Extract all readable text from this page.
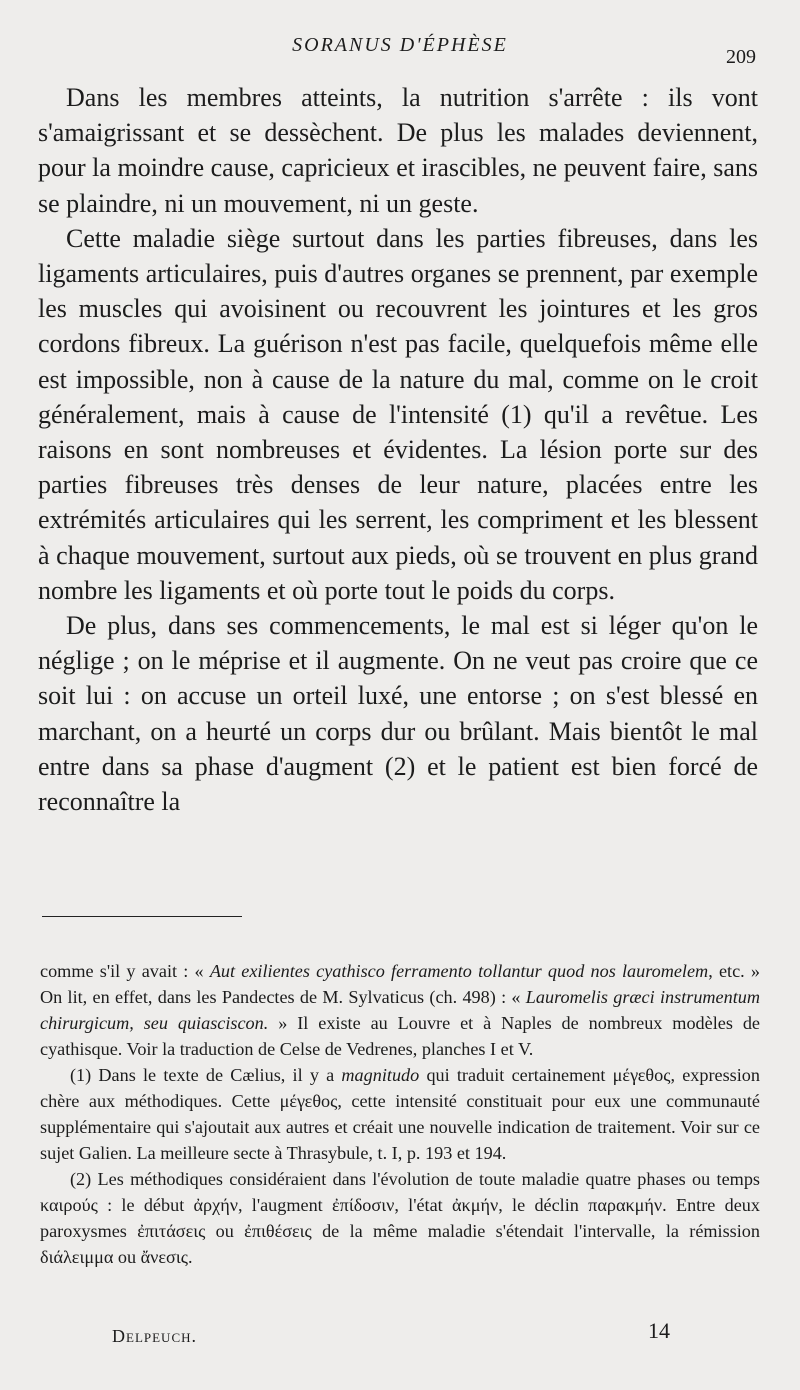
SORANUS D'ÉPHÈSE
209

Dans les membres atteints, la nutrition s'arrête : ils vont s'amaigrissant et se dessèchent. De plus les malades deviennent, pour la moindre cause, capricieux et irascibles, ne peuvent faire, sans se plaindre, ni un mouvement, ni un geste.

Cette maladie siège surtout dans les parties fibreuses, dans les ligaments articulaires, puis d'autres organes se prennent, par exemple les muscles qui avoisinent ou recouvrent les jointures et les gros cordons fibreux. La guérison n'est pas facile, quelquefois même elle est impossible, non à cause de la nature du mal, comme on le croit généralement, mais à cause de l'intensité (1) qu'il a revêtue. Les raisons en sont nombreuses et évidentes. La lésion porte sur des parties fibreuses très denses de leur nature, placées entre les extrémités articulaires qui les serrent, les compriment et les blessent à chaque mouvement, surtout aux pieds, où se trouvent en plus grand nombre les ligaments et où porte tout le poids du corps.

De plus, dans ses commencements, le mal est si léger qu'on le néglige ; on le méprise et il augmente. On ne veut pas croire que ce soit lui : on accuse un orteil luxé, une entorse ; on s'est blessé en marchant, on a heurté un corps dur ou brûlant. Mais bientôt le mal entre dans sa phase d'augment (2) et le patient est bien forcé de reconnaître la

comme s'il y avait : « Aut exilientes cyathisco ferramento tollantur quod nos lauromelem, etc. » On lit, en effet, dans les Pandectes de M. Sylvaticus (ch. 498) : « Lauromelis græci instrumentum chirurgicum, seu quiasciscon. » Il existe au Louvre et à Naples de nombreux modèles de cyathisque. Voir la traduction de Celse de Vedrenes, planches I et V.

(1) Dans le texte de Cælius, il y a magnitudo qui traduit certainement μέγεθος, expression chère aux méthodiques. Cette μέγεθος, cette intensité constituait pour eux une communauté supplémentaire qui s'ajoutait aux autres et créait une nouvelle indication de traitement. Voir sur ce sujet Galien. La meilleure secte à Thrasybule, t. I, p. 193 et 194.

(2) Les méthodiques considéraient dans l'évolution de toute maladie quatre phases ou temps καιρούς : le début ἀρχήν, l'augment ἐπίδοσιν, l'état ἀκμήν, le déclin παρακμήν. Entre deux paroxysmes ἐπιτάσεις ou ἐπιθέσεις de la même maladie s'étendait l'intervalle, la rémission διάλειμμα ou ἄνεσις.

Delpeuch.	14
